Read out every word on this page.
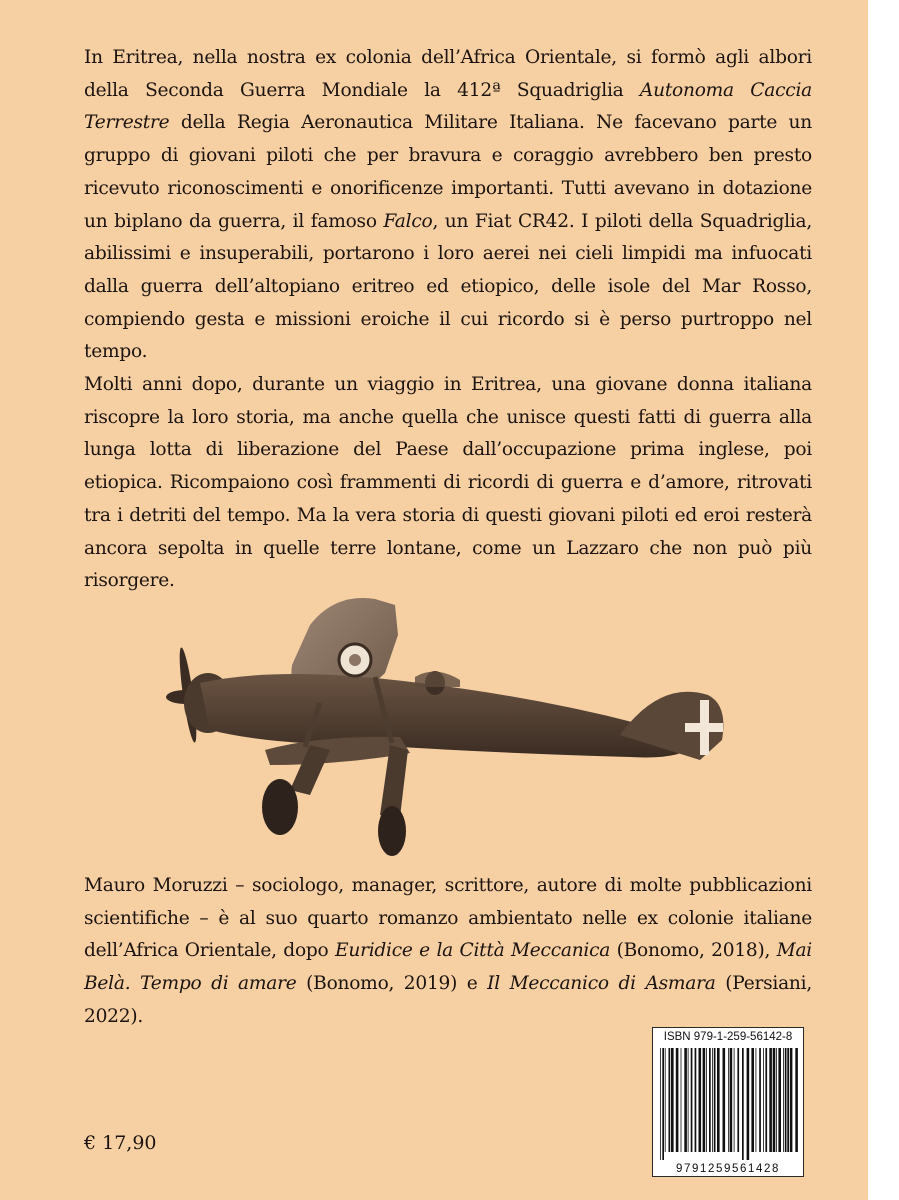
In Eritrea, nella nostra ex colonia dell’Africa Orientale, si formò agli albori della Seconda Guerra Mondiale la 412ª Squadriglia Autonoma Caccia Terrestre della Regia Aeronautica Militare Italiana. Ne facevano parte un gruppo di giovani piloti che per bravura e coraggio avrebbero ben presto ricevuto riconoscimenti e onorificenze importanti. Tutti avevano in dotazione un biplano da guerra, il famoso Falco, un Fiat CR42. I piloti della Squadriglia, abilissimi e insuperabili, portarono i loro aerei nei cieli limpidi ma infuocati dalla guerra dell’altopiano eritreo ed etiopico, delle isole del Mar Rosso, compiendo gesta e missioni eroiche il cui ricordo si è perso purtroppo nel tempo.

Molti anni dopo, durante un viaggio in Eritrea, una giovane donna italiana riscopre la loro storia, ma anche quella che unisce questi fatti di guerra alla lunga lotta di liberazione del Paese dall’occupazione prima inglese, poi etiopica. Ricompaiono così frammenti di ricordi di guerra e d’amore, ritrovati tra i detriti del tempo. Ma la vera storia di questi giovani piloti ed eroi resterà ancora sepolta in quelle terre lontane, come un Lazzaro che non può più risorgere.

Mauro Moruzzi – sociologo, manager, scrittore, autore di molte pubblicazioni scientifiche – è al suo quarto romanzo ambientato nelle ex colonie italiane dell’Africa Orientale, dopo Euridice e la Città Meccanica (Bonomo, 2018), Mai Belà. Tempo di amare (Bonomo, 2019) e Il Meccanico di Asmara (Persiani, 2022).

ISBN 979-1-259-56142-8
9791259561428
€ 17,90
